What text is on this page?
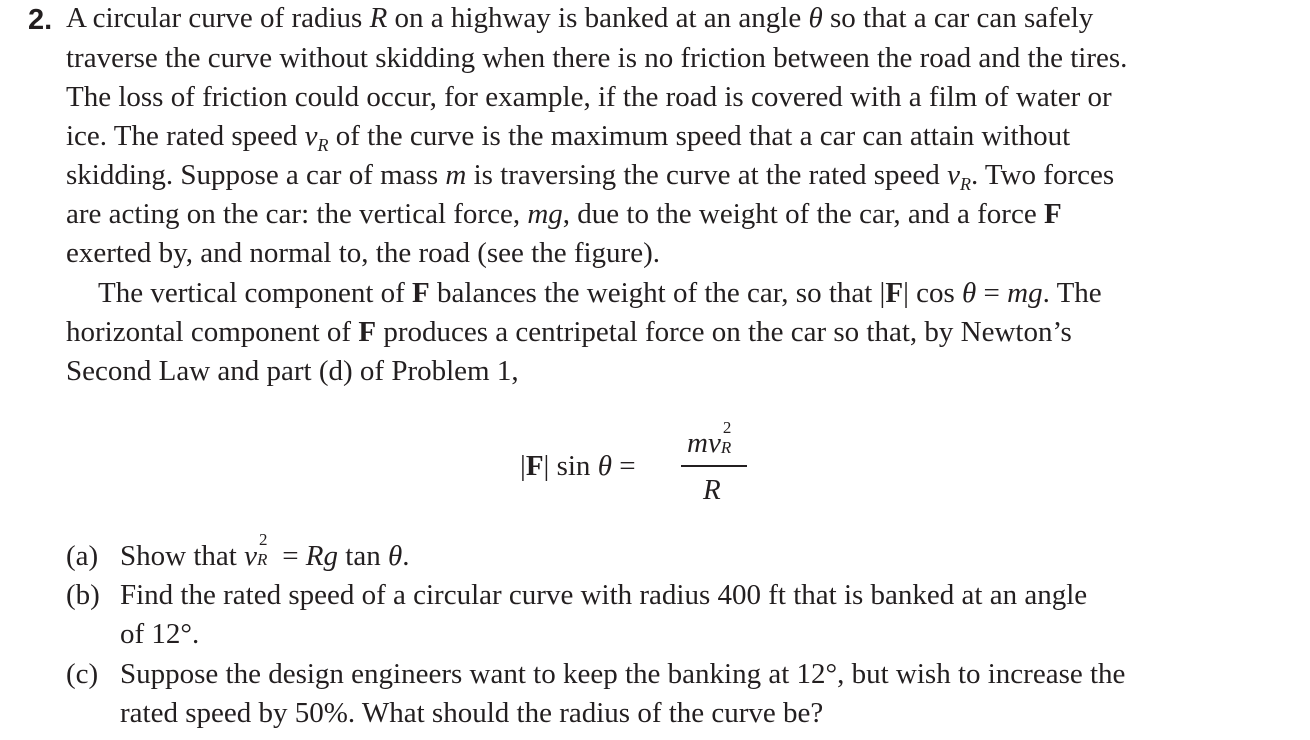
2. A circular curve of radius R on a highway is banked at an angle θ so that a car can safely
traverse the curve without skidding when there is no friction between the road and the tires.
The loss of friction could occur, for example, if the road is covered with a film of water or
ice. The rated speed $v_R$ of the curve is the maximum speed that a car can attain without
skidding. Suppose a car of mass m is traversing the curve at the rated speed $v_R$. Two forces
are acting on the car: the vertical force, mg, due to the weight of the car, and a force F
exerted by, and normal to, the road (see the figure).
The vertical component of F balances the weight of the car, so that |F| cos θ = mg. The
horizontal component of F produces a centripetal force on the car so that, by Newton’s
Second Law and part (d) of Problem 1,
|F| sin θ =
mv 2
R
R
(a) Show that v
2
R = Rg tan θ.
(b) Find the rated speed of a circular curve with radius 400 ft that is banked at an angle
of 12°.
(c) Suppose the design engineers want to keep the banking at 12°, but wish to increase the
rated speed by 50%. What should the radius of the curve be?
